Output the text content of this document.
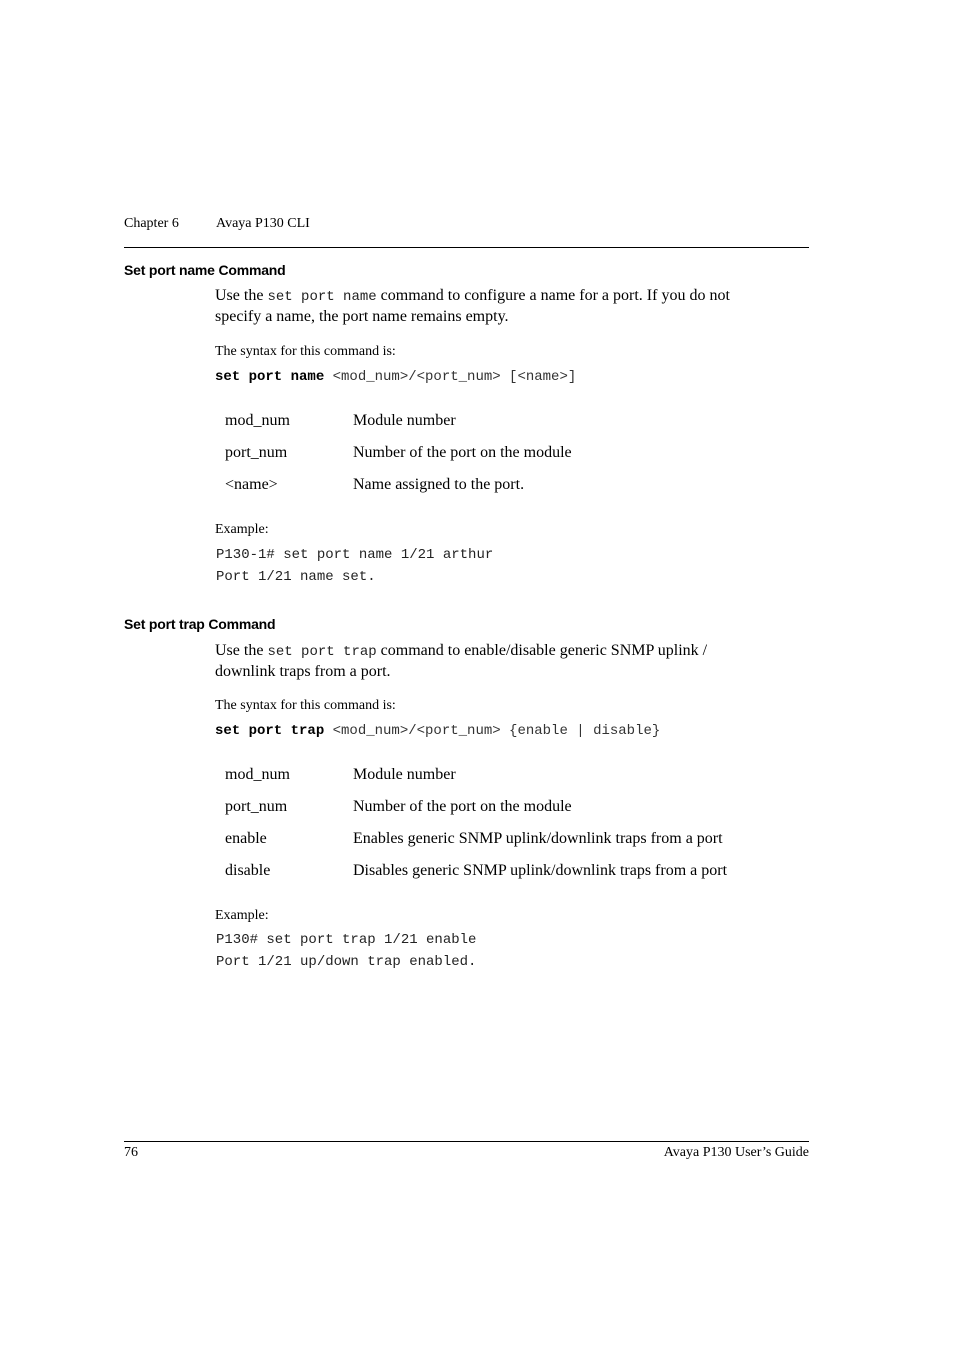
Chapter 6	Avaya P130 CLI
Set port name Command
Use the set port name command to configure a name for a port. If you do not
specify a name, the port name remains empty.
The syntax for this command is:
set port name <mod_num>/<port_num> [<name>]
mod_num	Module number
port_num	Number of the port on the module
<name>	Name assigned to the port.
Example:
P130-1# set port name 1/21 arthur
Port 1/21 name set.
Set port trap Command
Use the set port trap command to enable/disable generic SNMP uplink /
downlink traps from a port.
The syntax for this command is:
set port trap <mod_num>/<port_num> {enable | disable}
mod_num	Module number
port_num	Number of the port on the module
enable	Enables generic SNMP uplink/downlink traps from a port
disable	Disables generic SNMP uplink/downlink traps from a port
Example:
P130# set port trap 1/21 enable
Port 1/21 up/down trap enabled.
76	Avaya P130 User’s Guide
